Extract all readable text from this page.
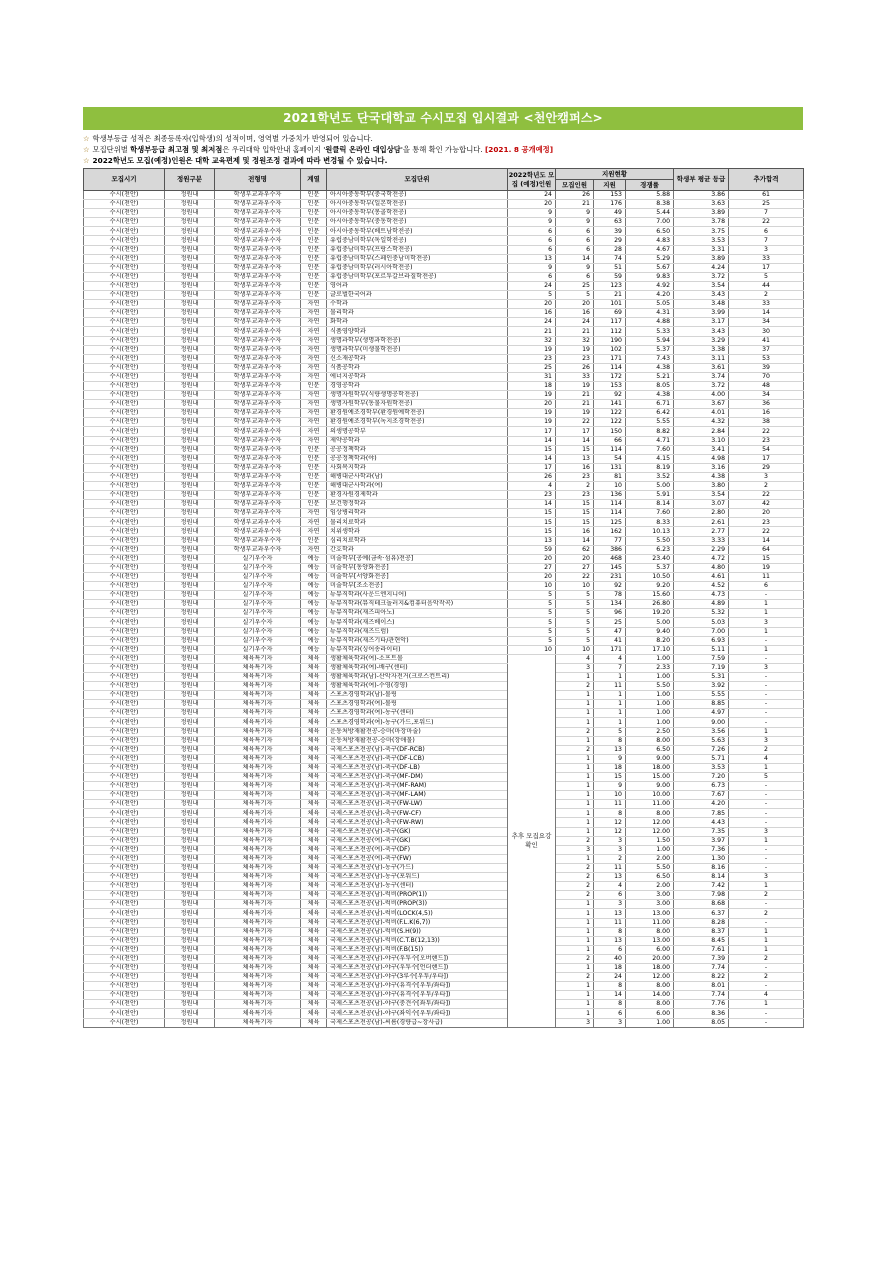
2021학년도 단국대학교 수시모집 입시결과 <천안캠퍼스>
☆ 학생부등급 성적은 최종등록자(입학생)의 성적이며, 영역별 가중치가 반영되어 있습니다.
☆ 모집단위별 학생부등급 최고점 및 최저점은 우리대학 입학안내 홈페이지 '원클릭 온라인 대입상담'을 통해 확인 가능합니다. [2021. 8 공개예정]
☆ 2022학년도 모집(예정)인원은 대학 교육편제 및 정원조정 결과에 따라 변경될 수 있습니다.
모집시기	정원구분	전형명	계열	모집단위	2022학년도 모집 (예정)인원	지원현황			학생부 평균 등급	추가합격
						모집인원	지원	경쟁률		
수시(천안)	정원내	학생부교과우수자	인문	아시아중동학부(중국학전공)	24	26	153	5.88	3.86	61
수시(천안)	정원내	학생부교과우수자	인문	아시아중동학부(일본학전공)	20	21	176	8.38	3.63	25
수시(천안)	정원내	학생부교과우수자	인문	아시아중동학부(몽골학전공)	9	9	49	5.44	3.89	7
수시(천안)	정원내	학생부교과우수자	인문	아시아중동학부(중동학전공)	9	9	63	7.00	3.78	22
수시(천안)	정원내	학생부교과우수자	인문	아시아중동학부(베트남학전공)	6	6	39	6.50	3.75	6
수시(천안)	정원내	학생부교과우수자	인문	유럽중남미학부(독일학전공)	6	6	29	4.83	3.53	7
수시(천안)	정원내	학생부교과우수자	인문	유럽중남미학부(프랑스학전공)	6	6	28	4.67	3.31	3
수시(천안)	정원내	학생부교과우수자	인문	유럽중남미학부(스페인중남미학전공)	13	14	74	5.29	3.89	33
수시(천안)	정원내	학생부교과우수자	인문	유럽중남미학부(러시아학전공)	9	9	51	5.67	4.24	17
수시(천안)	정원내	학생부교과우수자	인문	유럽중남미학부(포르투갈브라질학전공)	6	6	59	9.83	3.72	5
수시(천안)	정원내	학생부교과우수자	인문	영어과	24	25	123	4.92	3.54	44
수시(천안)	정원내	학생부교과우수자	인문	글로벌한국어과	5	5	21	4.20	3.43	2
수시(천안)	정원내	학생부교과우수자	자연	수학과	20	20	101	5.05	3.48	33
수시(천안)	정원내	학생부교과우수자	자연	물리학과	16	16	69	4.31	3.99	14
수시(천안)	정원내	학생부교과우수자	자연	화학과	24	24	117	4.88	3.17	34
수시(천안)	정원내	학생부교과우수자	자연	식품영양학과	21	21	112	5.33	3.43	30
수시(천안)	정원내	학생부교과우수자	자연	생명과학부(생명과학전공)	32	32	190	5.94	3.29	41
수시(천안)	정원내	학생부교과우수자	자연	생명과학부(미생물학전공)	19	19	102	5.37	3.38	37
수시(천안)	정원내	학생부교과우수자	자연	신소재공학과	23	23	171	7.43	3.11	53
수시(천안)	정원내	학생부교과우수자	자연	식품공학과	25	26	114	4.38	3.61	39
수시(천안)	정원내	학생부교과우수자	자연	에너지공학과	31	33	172	5.21	3.74	70
수시(천안)	정원내	학생부교과우수자	인문	경영공학과	18	19	153	8.05	3.72	48
수시(천안)	정원내	학생부교과우수자	자연	생명자원학부(식량생명공학전공)	19	21	92	4.38	4.00	34
수시(천안)	정원내	학생부교과우수자	자연	생명자원학부(동물자원학전공)	20	21	141	6.71	3.67	36
수시(천안)	정원내	학생부교과우수자	자연	환경원예조경학부(환경원예학전공)	19	19	122	6.42	4.01	16
수시(천안)	정원내	학생부교과우수자	자연	환경원예조경학부(녹지조경학전공)	19	22	122	5.55	4.32	38
수시(천안)	정원내	학생부교과우수자	자연	의생명공학부	17	17	150	8.82	2.84	22
수시(천안)	정원내	학생부교과우수자	자연	제약공학과	14	14	66	4.71	3.10	23
수시(천안)	정원내	학생부교과우수자	인문	공공정책학과	15	15	114	7.60	3.41	54
수시(천안)	정원내	학생부교과우수자	인문	공공정책학과(야)	14	13	54	4.15	4.98	17
수시(천안)	정원내	학생부교과우수자	인문	사회복지학과	17	16	131	8.19	3.16	29
수시(천안)	정원내	학생부교과우수자	인문	해병대군사학과(남)	26	23	81	3.52	4.38	3
수시(천안)	정원내	학생부교과우수자	인문	해병대군사학과(여)	4	2	10	5.00	3.80	2
수시(천안)	정원내	학생부교과우수자	인문	환경자원경제학과	23	23	136	5.91	3.54	22
수시(천안)	정원내	학생부교과우수자	인문	보건행정학과	14	15	114	8.14	3.07	42
수시(천안)	정원내	학생부교과우수자	자연	임상병리학과	15	15	114	7.60	2.80	20
수시(천안)	정원내	학생부교과우수자	자연	물리치료학과	15	15	125	8.33	2.61	23
수시(천안)	정원내	학생부교과우수자	자연	치위생학과	15	16	162	10.13	2.77	22
수시(천안)	정원내	학생부교과우수자	인문	심리치료학과	13	14	77	5.50	3.33	14
수시(천안)	정원내	학생부교과우수자	자연	간호학과	59	62	386	6.23	2.29	64
수시(천안)	정원내	실기우수자	예능	미술학부[공예(금속·섬유)전공]	20	20	468	23.40	4.72	15
수시(천안)	정원내	실기우수자	예능	미술학부[동양화전공]	27	27	145	5.37	4.80	19
수시(천안)	정원내	실기우수자	예능	미술학부[서양화전공]	20	22	231	10.50	4.61	11
수시(천안)	정원내	실기우수자	예능	미술학부[조소전공]	10	10	92	9.20	4.52	6
수시(천안)	정원내	실기우수자	예능	뉴뮤직학과(사운드엔지니어)	5	5	78	15.60	4.73	-
수시(천안)	정원내	실기우수자	예능	뉴뮤직학과(뮤직테크놀러지&컴퓨터음악작곡)	5	5	134	26.80	4.89	1
수시(천안)	정원내	실기우수자	예능	뉴뮤직학과(재즈피아노)	5	5	96	19.20	5.32	1
수시(천안)	정원내	실기우수자	예능	뉴뮤직학과(재즈베이스)	5	5	25	5.00	5.03	3
수시(천안)	정원내	실기우수자	예능	뉴뮤직학과(재즈드럼)	5	5	47	9.40	7.00	1
수시(천안)	정원내	실기우수자	예능	뉴뮤직학과(재즈기타/관현악)	5	5	41	8.20	6.93	-
수시(천안)	정원내	실기우수자	예능	뉴뮤직학과(싱어송라이터)	10	10	171	17.10	5.11	1
수시(천안)	정원내	체육특기자	체육	생활체육학과(여)-소프트볼	추후 모집요강 확인	4	4	1.00	7.59	-
수시(천안)	정원내	체육특기자	체육	생활체육학과(여)-배구(센터)		3	7	2.33	7.19	3
수시(천안)	정원내	체육특기자	체육	생활체육학과(남)-산악자전거(크로스컨트리)		1	1	1.00	5.31	-
수시(천안)	정원내	체육특기자	체육	생활체육학과(여)-수영(경영)		2	11	5.50	3.92	-
수시(천안)	정원내	체육특기자	체육	스포츠경영학과(남)-볼링		1	1	1.00	5.55	-
수시(천안)	정원내	체육특기자	체육	스포츠경영학과(여)-볼링		1	1	1.00	8.85	-
수시(천안)	정원내	체육특기자	체육	스포츠경영학과(여)-농구(센터)		1	1	1.00	4.97	-
수시(천안)	정원내	체육특기자	체육	스포츠경영학과(여)-농구(가드,포워드)		1	1	1.00	9.00	-
수시(천안)	정원내	체육특기자	체육	운동처방재활전공-승마(마장마술)		2	5	2.50	3.56	1
수시(천안)	정원내	체육특기자	체육	운동처방재활전공-승마(장애물)		1	8	8.00	5.63	3
수시(천안)	정원내	체육특기자	체육	국제스포츠전공(남)-축구(DF-RCB)		2	13	6.50	7.26	2
수시(천안)	정원내	체육특기자	체육	국제스포츠전공(남)-축구(DF-LCB)		1	9	9.00	5.71	4
수시(천안)	정원내	체육특기자	체육	국제스포츠전공(남)-축구(DF-LB)		1	18	18.00	3.53	1
수시(천안)	정원내	체육특기자	체육	국제스포츠전공(남)-축구(MF-DM)		1	15	15.00	7.20	5
수시(천안)	정원내	체육특기자	체육	국제스포츠전공(남)-축구(MF-RAM)		1	9	9.00	6.73	-
수시(천안)	정원내	체육특기자	체육	국제스포츠전공(남)-축구(MF-LAM)		1	10	10.00	7.67	-
수시(천안)	정원내	체육특기자	체육	국제스포츠전공(남)-축구(FW-LW)		1	11	11.00	4.20	-
수시(천안)	정원내	체육특기자	체육	국제스포츠전공(남)-축구(FW-CF)		1	8	8.00	7.85	-
수시(천안)	정원내	체육특기자	체육	국제스포츠전공(남)-축구(FW-RW)		1	12	12.00	4.43	-
수시(천안)	정원내	체육특기자	체육	국제스포츠전공(남)-축구(GK)		1	12	12.00	7.35	3
수시(천안)	정원내	체육특기자	체육	국제스포츠전공(여)-축구(GK)		2	3	1.50	3.97	1
수시(천안)	정원내	체육특기자	체육	국제스포츠전공(여)-축구(DF)		3	3	1.00	7.36	-
수시(천안)	정원내	체육특기자	체육	국제스포츠전공(여)-축구(FW)		1	2	2.00	1.30	-
수시(천안)	정원내	체육특기자	체육	국제스포츠전공(남)-농구(가드)		2	11	5.50	8.16	-
수시(천안)	정원내	체육특기자	체육	국제스포츠전공(남)-농구(포워드)		2	13	6.50	8.14	3
수시(천안)	정원내	체육특기자	체육	국제스포츠전공(남)-농구(센터)		2	4	2.00	7.42	1
수시(천안)	정원내	체육특기자	체육	국제스포츠전공(남)-럭비(PROP(1))		2	6	3.00	7.98	2
수시(천안)	정원내	체육특기자	체육	국제스포츠전공(남)-럭비(PROP(3))		1	3	3.00	8.68	-
수시(천안)	정원내	체육특기자	체육	국제스포츠전공(남)-럭비(LOCK(4,5))		1	13	13.00	6.37	2
수시(천안)	정원내	체육특기자	체육	국제스포츠전공(남)-럭비(F.L.K(6,7))		1	11	11.00	8.28	-
수시(천안)	정원내	체육특기자	체육	국제스포츠전공(남)-럭비(S.H(9))		1	8	8.00	8.37	1
수시(천안)	정원내	체육특기자	체육	국제스포츠전공(남)-럭비(C.T.B(12,13))		1	13	13.00	8.45	1
수시(천안)	정원내	체육특기자	체육	국제스포츠전공(남)-럭비(F.B(15))		1	6	6.00	7.61	1
수시(천안)	정원내	체육특기자	체육	국제스포츠전공(남)-야구(우투수[오버핸드])		2	40	20.00	7.39	2
수시(천안)	정원내	체육특기자	체육	국제스포츠전공(남)-야구(우투수[언더핸드])		1	18	18.00	7.74	-
수시(천안)	정원내	체육특기자	체육	국제스포츠전공(남)-야구(3루수[우투/우타])		2	24	12.00	8.22	2
수시(천안)	정원내	체육특기자	체육	국제스포츠전공(남)-야구(유격수[우투/좌타])		1	8	8.00	8.01	-
수시(천안)	정원내	체육특기자	체육	국제스포츠전공(남)-야구(유격수[우투/우타])		1	14	14.00	7.74	4
수시(천안)	정원내	체육특기자	체육	국제스포츠전공(남)-야구(중견수[좌투/좌타])		1	8	8.00	7.76	1
수시(천안)	정원내	체육특기자	체육	국제스포츠전공(남)-야구(좌익수[우투/좌타])		1	6	6.00	8.36	-
수시(천안)	정원내	체육특기자	체육	국제스포츠전공(남)-씨름(경량급~장사급)		3	3	1.00	8.05	-
